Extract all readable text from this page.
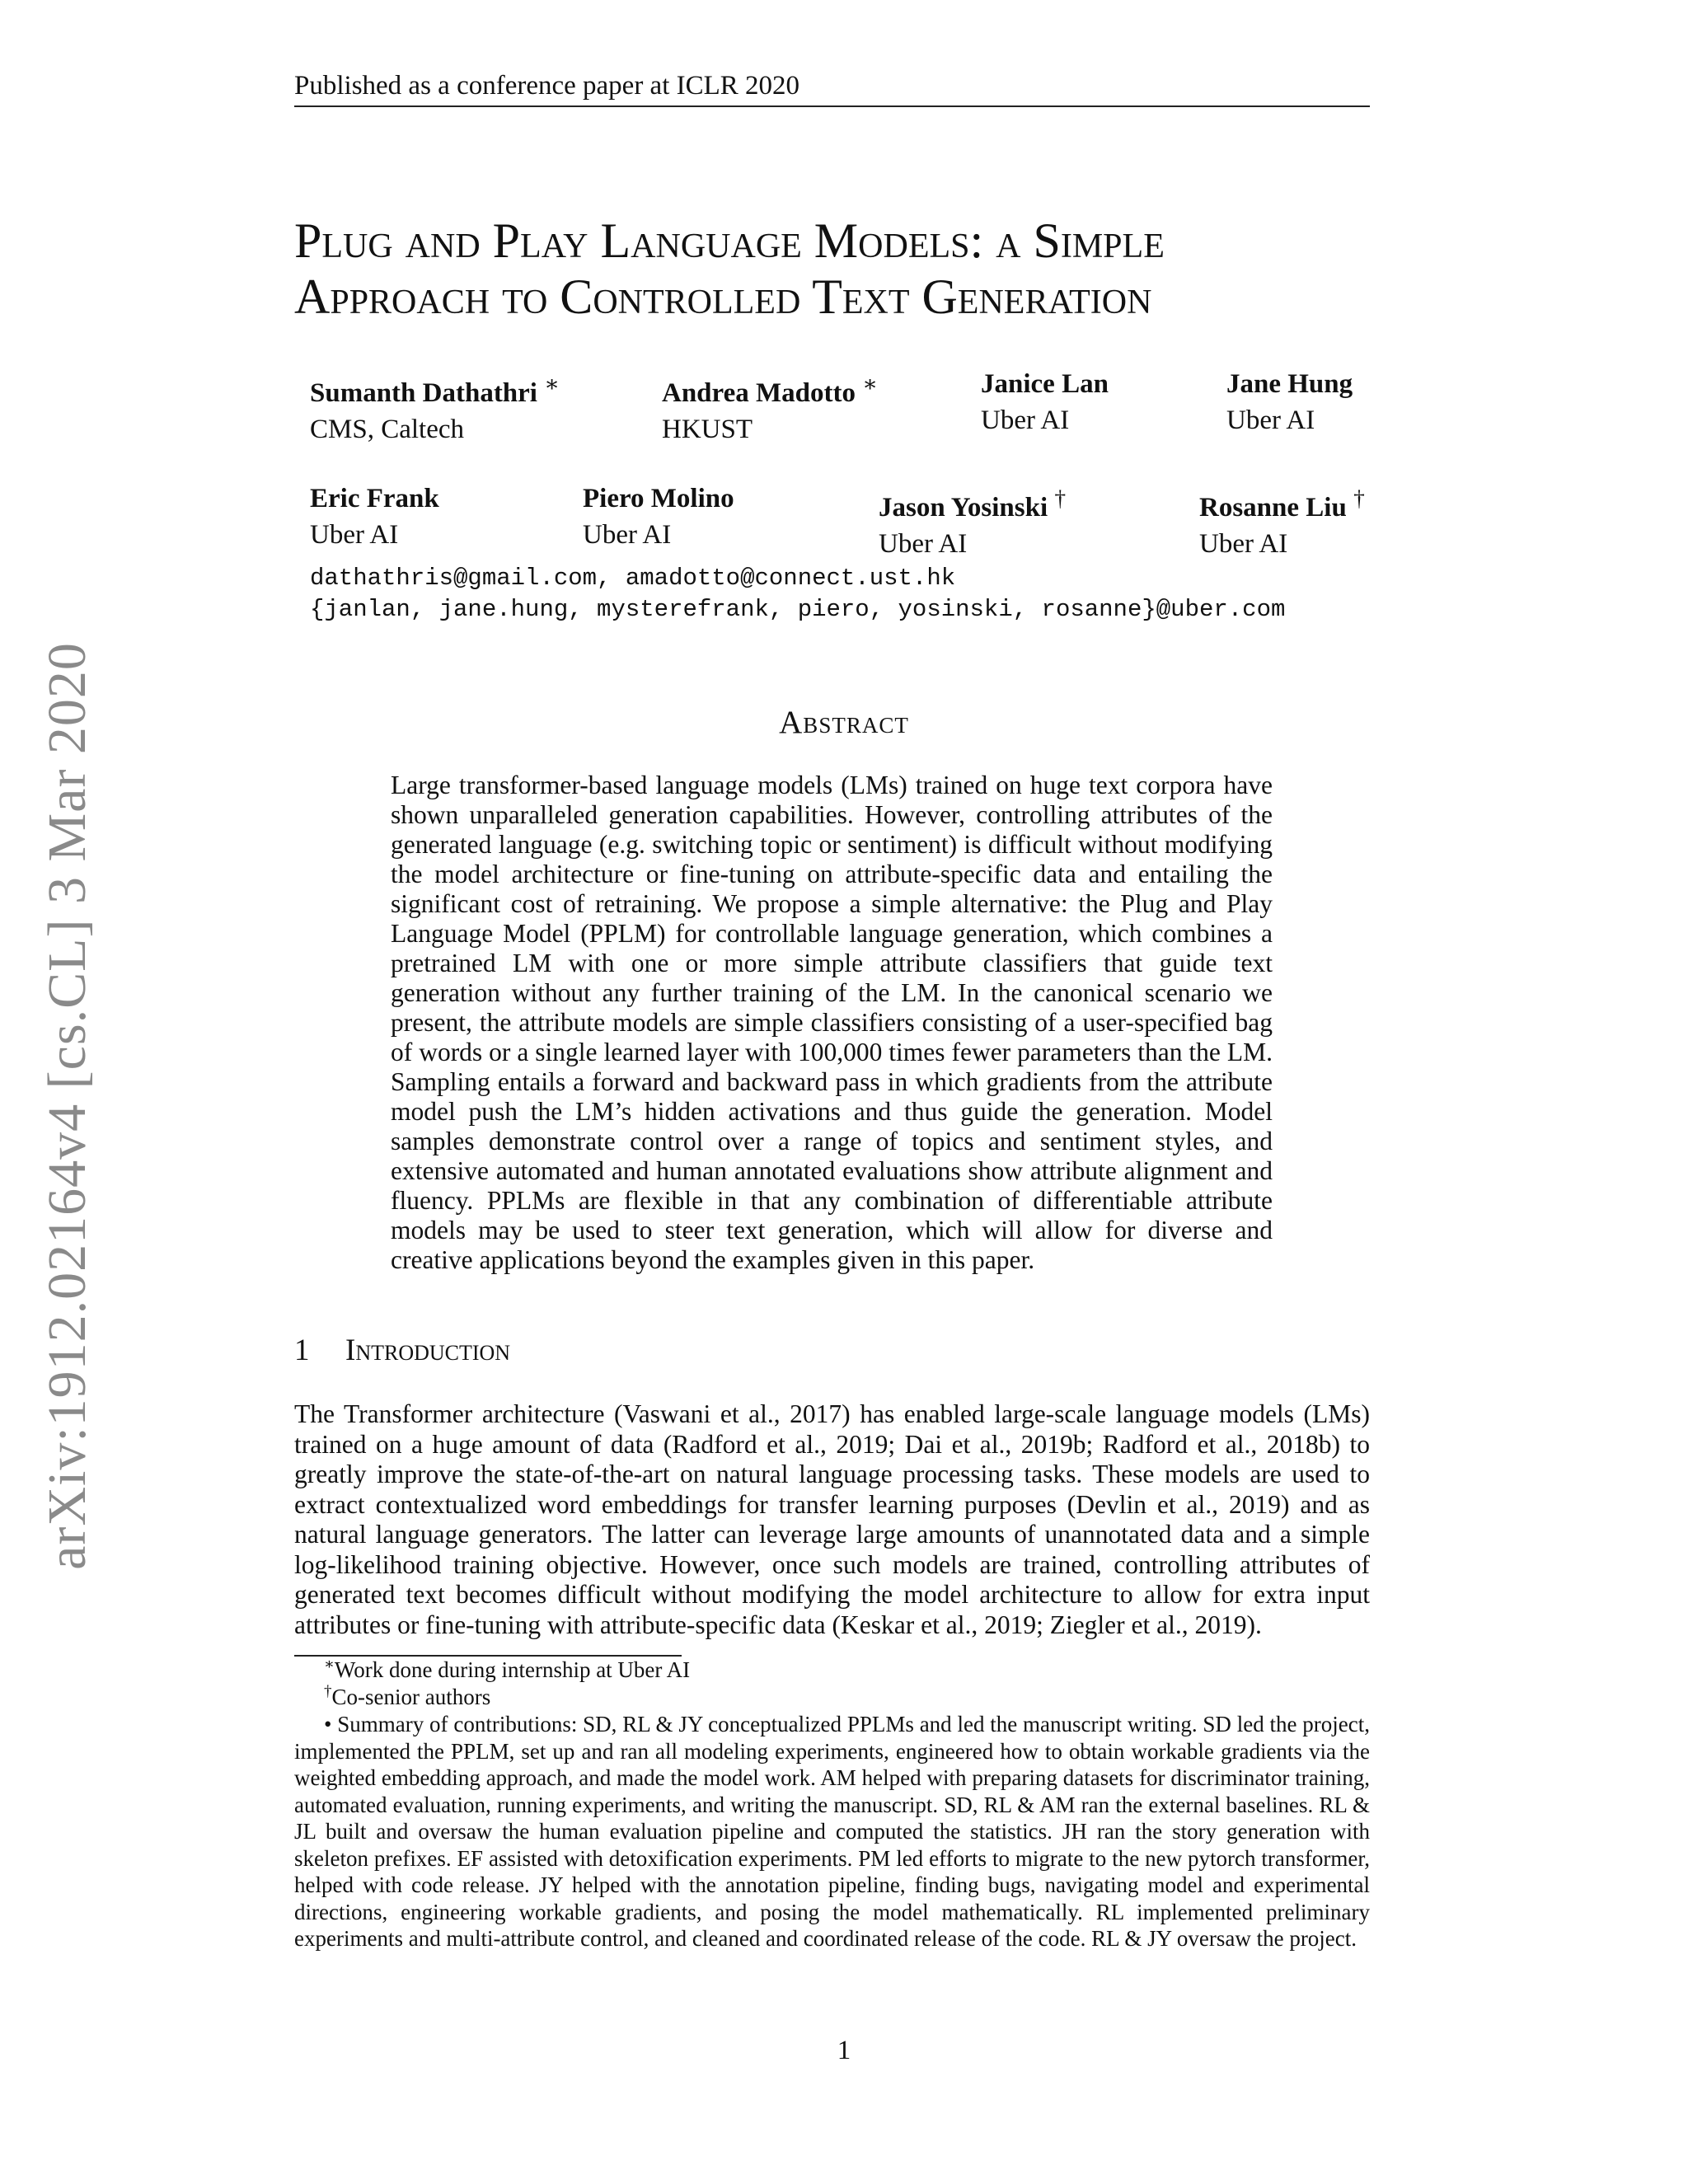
Published as a conference paper at ICLR 2020
arXiv:1912.02164v4 [cs.CL] 3 Mar 2020
Plug and Play Language Models: a Simple
Approach to Controlled Text Generation
Sumanth Dathathri ∗
CMS, Caltech
Andrea Madotto ∗
HKUST
Janice Lan
Uber AI
Jane Hung
Uber AI
Eric Frank
Uber AI
Piero Molino
Uber AI
Jason Yosinski †
Uber AI
Rosanne Liu †
Uber AI
dathathris@gmail.com, amadotto@connect.ust.hk
{janlan, jane.hung, mysterefrank, piero, yosinski, rosanne}@uber.com
Abstract

Large transformer-based language models (LMs) trained on huge text corpora have shown unparalleled generation capabilities. However, controlling attributes of the generated language (e.g. switching topic or sentiment) is difficult without modifying the model architecture or fine-tuning on attribute-specific data and entailing the significant cost of retraining. We propose a simple alternative: the Plug and Play Language Model (PPLM) for controllable language generation, which combines a pretrained LM with one or more simple attribute classifiers that guide text generation without any further training of the LM. In the canonical scenario we present, the attribute models are simple classifiers consisting of a user-specified bag of words or a single learned layer with 100,000 times fewer parameters than the LM. Sampling entails a forward and backward pass in which gradients from the attribute model push the LM’s hidden activations and thus guide the generation. Model samples demonstrate control over a range of topics and sentiment styles, and extensive automated and human annotated evaluations show attribute alignment and fluency. PPLMs are flexible in that any combination of differentiable attribute models may be used to steer text generation, which will allow for diverse and creative applications beyond the examples given in this paper.

1 Introduction

The Transformer architecture (Vaswani et al., 2017) has enabled large-scale language models (LMs) trained on a huge amount of data (Radford et al., 2019; Dai et al., 2019b; Radford et al., 2018b) to greatly improve the state-of-the-art on natural language processing tasks. These models are used to extract contextualized word embeddings for transfer learning purposes (Devlin et al., 2019) and as natural language generators. The latter can leverage large amounts of unannotated data and a simple log-likelihood training objective. However, once such models are trained, controlling attributes of generated text becomes difficult without modifying the model architecture to allow for extra input attributes or fine-tuning with attribute-specific data (Keskar et al., 2019; Ziegler et al., 2019).

∗Work done during internship at Uber AI

†Co-senior authors

• Summary of contributions: SD, RL & JY conceptualized PPLMs and led the manuscript writing. SD led the project, implemented the PPLM, set up and ran all modeling experiments, engineered how to obtain workable gradients via the weighted embedding approach, and made the model work. AM helped with preparing datasets for discriminator training, automated evaluation, running experiments, and writing the manuscript. SD, RL & AM ran the external baselines. RL & JL built and oversaw the human evaluation pipeline and computed the statistics. JH ran the story generation with skeleton prefixes. EF assisted with detoxification experiments. PM led efforts to migrate to the new pytorch transformer, helped with code release. JY helped with the annotation pipeline, finding bugs, navigating model and experimental directions, engineering workable gradients, and posing the model mathematically. RL implemented preliminary experiments and multi-attribute control, and cleaned and coordinated release of the code. RL & JY oversaw the project.

1
